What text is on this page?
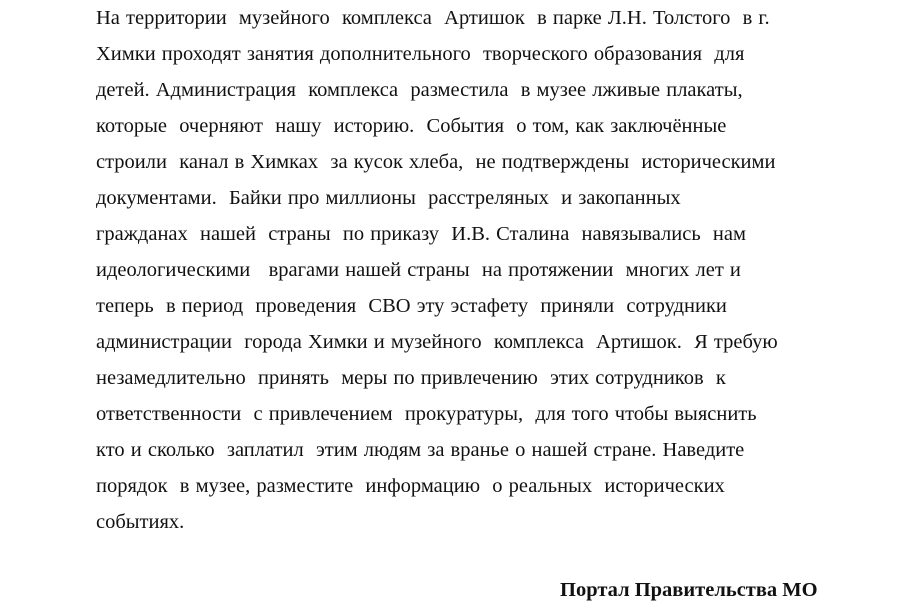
На территории  музейного  комплекса  Артишок  в парке Л.Н. Толстого  в г.
Химки проходят занятия дополнительного  творческого образования  для
детей. Администрация  комплекса  разместила  в музее лживые плакаты,
которые  очерняют  нашу  историю.  События  о том, как заключённые
строили  канал в Химках  за кусок хлеба,  не подтверждены  историческими
документами.  Байки про миллионы  расстреляных  и закопанных
гражданах  нашей  страны  по приказу  И.В. Сталина  навязывались  нам
идеологическими   врагами нашей страны  на протяжении  многих лет и
теперь  в период  проведения  СВО эту эстафету  приняли  сотрудники
администрации  города Химки и музейного  комплекса  Артишок.  Я требую
незамедлительно  принять  меры по привлечению  этих сотрудников  к
ответственности  с привлечением  прокуратуры,  для того чтобы выяснить
кто и сколько  заплатил  этим людям за вранье о нашей стране. Наведите
порядок  в музее, разместите  информацию  о реальных  исторических
событиях.
Портал Правительства МО
